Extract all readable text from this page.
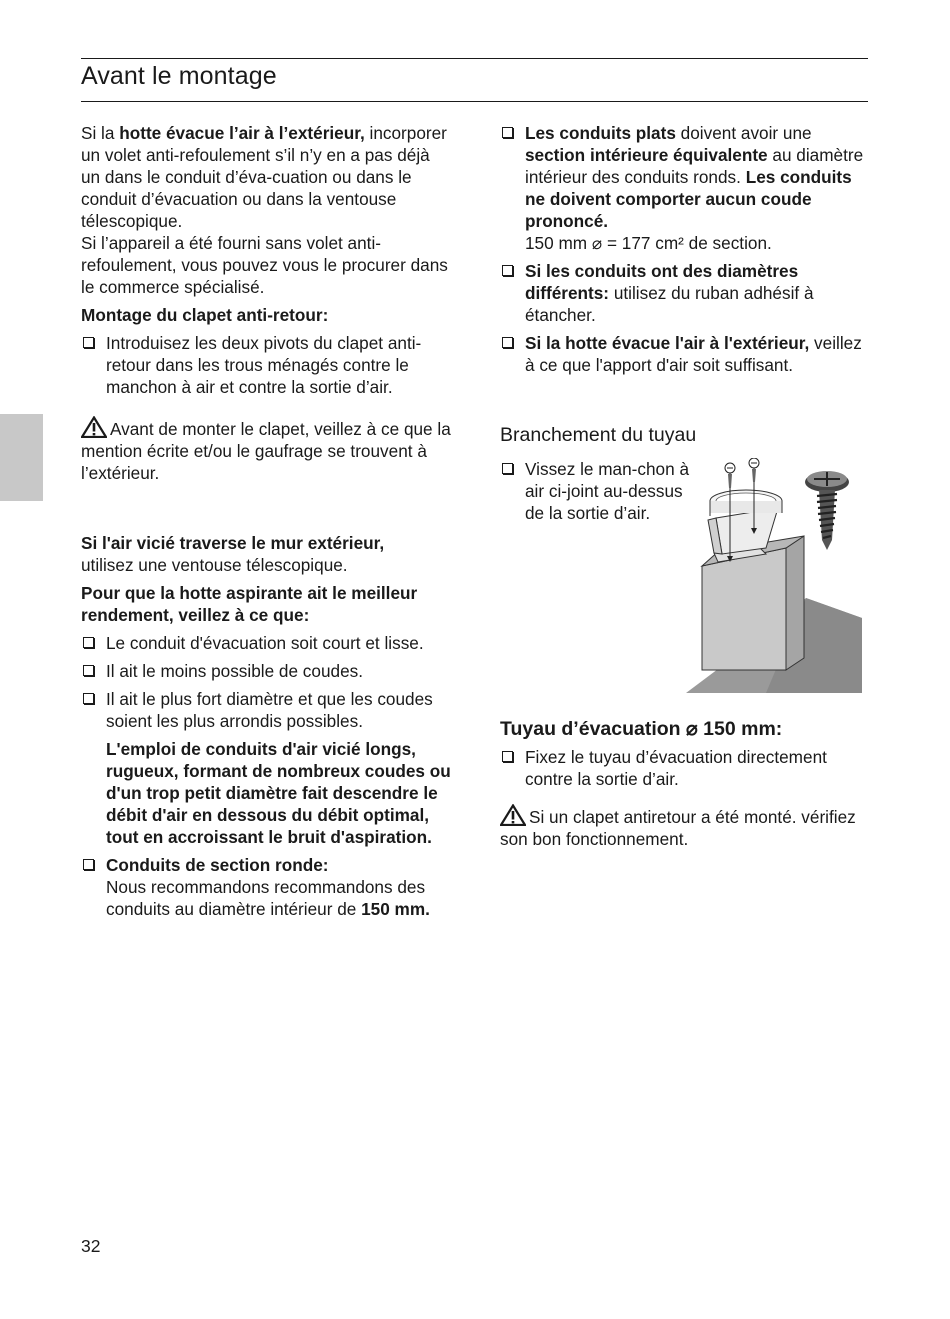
Avant le montage

Si la hotte évacue l’air à l’extérieur, incorporer un volet anti-refoulement s’il n’y en a pas déjà un dans le conduit d’éva-cuation ou dans le conduit d’évacuation ou dans la ventouse télescopique.
Si l’appareil a été fourni sans volet anti-refoulement, vous pouvez vous le procurer dans le commerce spécialisé.

Montage du clapet anti-retour:

Introduisez les deux pivots du clapet anti-retour dans les trous ménagés contre le manchon à air et contre la sortie d’air.

Avant de monter le clapet, veillez à ce que la mention écrite et/ou le gaufrage se trouvent à l’extérieur.

Si l'air vicié traverse le mur extérieur,
utilisez une ventouse télescopique.

Pour que la hotte aspirante ait le meilleur rendement, veillez à ce que:

Le conduit d'évacuation soit court et lisse.
Il ait le moins possible de coudes.
Il ait le plus fort diamètre et que les coudes soient les plus arrondis possibles.

L'emploi de conduits d'air vicié longs, rugueux, formant de nombreux coudes ou d'un trop petit diamètre fait descendre le débit d'air en dessous du débit optimal, tout en accroissant le bruit d'aspiration.

Conduits de section ronde:
Nous recommandons recommandons des conduits au diamètre intérieur de 150 mm.
Les conduits plats doivent avoir une section intérieure équivalente au diamètre intérieur des conduits ronds. Les conduits ne doivent comporter aucun coude prononcé.
150 mm ⌀ = 177 cm² de section.
Si les conduits ont des diamètres différents: utilisez du ruban adhésif à étancher.
Si la hotte évacue l'air à l'extérieur, veillez à ce que l'apport d'air soit suffisant.
Branchement du tuyau
Vissez le man-chon à air ci-joint au-dessus de la sortie d’air.
Tuyau d’évacuation ⌀ 150 mm:
Fixez le tuyau d’évacuation directement contre la sortie d’air.

Si un clapet antiretour a été monté. vérifiez son bon fonctionnement.

32
